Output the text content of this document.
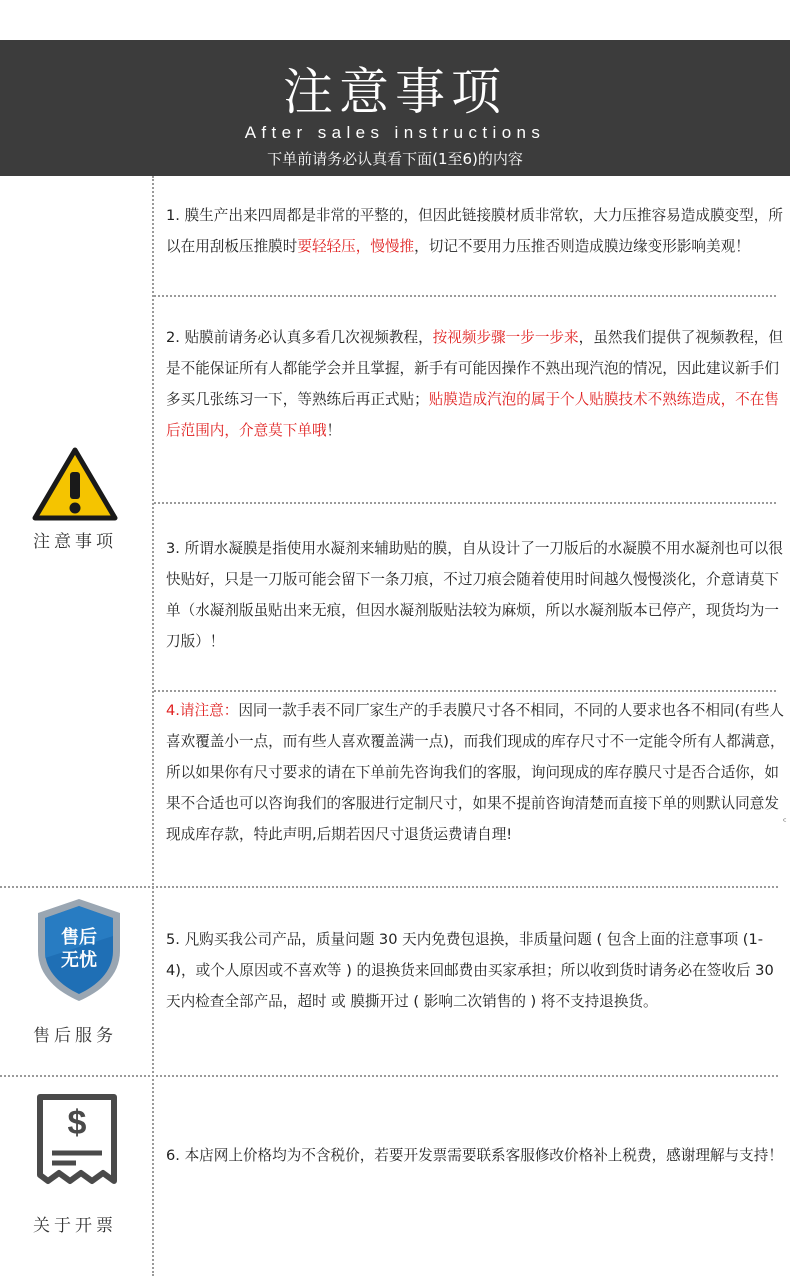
注意事项
After sales instructions
下单前请务必认真看下面(1至6)的内容
1. 膜生产出来四周都是非常的平整的，但因此链接膜材质非常软，大力压推容易造成膜变型，所以在用刮板压推膜时要轻轻压，慢慢推，切记不要用力压推否则造成膜边缘变形影响美观！
2. 贴膜前请务必认真多看几次视频教程，按视频步骤一步一步来，虽然我们提供了视频教程，但是不能保证所有人都能学会并且掌握，新手有可能因操作不熟出现汽泡的情况，因此建议新手们多买几张练习一下，等熟练后再正式贴；贴膜造成汽泡的属于个人贴膜技术不熟练造成，不在售后范围内，介意莫下单哦！
3. 所谓水凝膜是指使用水凝剂来辅助贴的膜，自从设计了一刀版后的水凝膜不用水凝剂也可以很快贴好，只是一刀版可能会留下一条刀痕，不过刀痕会随着使用时间越久慢慢淡化，介意请莫下单（水凝剂版虽贴出来无痕，但因水凝剂版贴法较为麻烦，所以水凝剂版本已停产，现货均为一刀版）！
4.请注意：因同一款手表不同厂家生产的手表膜尺寸各不相同，不同的人要求也各不相同(有些人喜欢覆盖小一点，而有些人喜欢覆盖满一点)，而我们现成的库存尺寸不一定能令所有人都满意，所以如果你有尺寸要求的请在下单前先咨询我们的客服，询问现成的库存膜尺寸是否合适你，如果不合适也可以咨询我们的客服进行定制尺寸，如果不提前咨询清楚而直接下单的则默认同意发现成库存款，特此声明,后期若因尺寸退货运费请自理!
5. 凡购买我公司产品，质量问题 30 天内免费包退换，非质量问题 ( 包含上面的注意事项 (1-4)，或个人原因或不喜欢等 ) 的退换货来回邮费由买家承担；所以收到货时请务必在签收后 30 天内检查全部产品，超时 或 膜撕开过 ( 影响二次销售的 ) 将不支持退换货。
6. 本店网上价格均为不含税价，若要开发票需要联系客服修改价格补上税费，感谢理解与支持！
ᶜ
注意事项
售后
无忧
售后服务
$
关于开票
